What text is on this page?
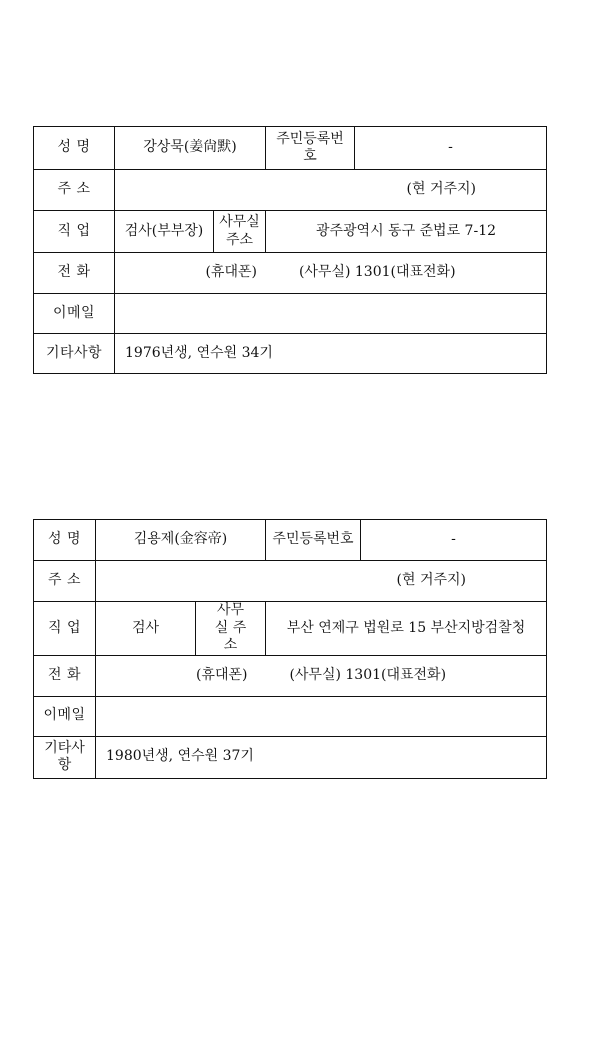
성 명	강상묵(姜尙默)		주민등록번호	-
주 소	(현 거주지)			
직 업	검사(부부장)	사무실 주소	광주광역시 동구 준법로 7-12	
전 화	(휴대폰)　　　(사무실) 1301(대표전화)			
이메일				
기타사항	1976년생, 연수원 34기			
성 명	김용제(金容帝)		주민등록번호	-
주 소	(현 거주지)			
직 업	검사	사무실 주소	부산 연제구 법원로 15 부산지방검찰청	
전 화	(휴대폰)　　　(사무실) 1301(대표전화)			
이메일				
기타사항	1980년생, 연수원 37기			
